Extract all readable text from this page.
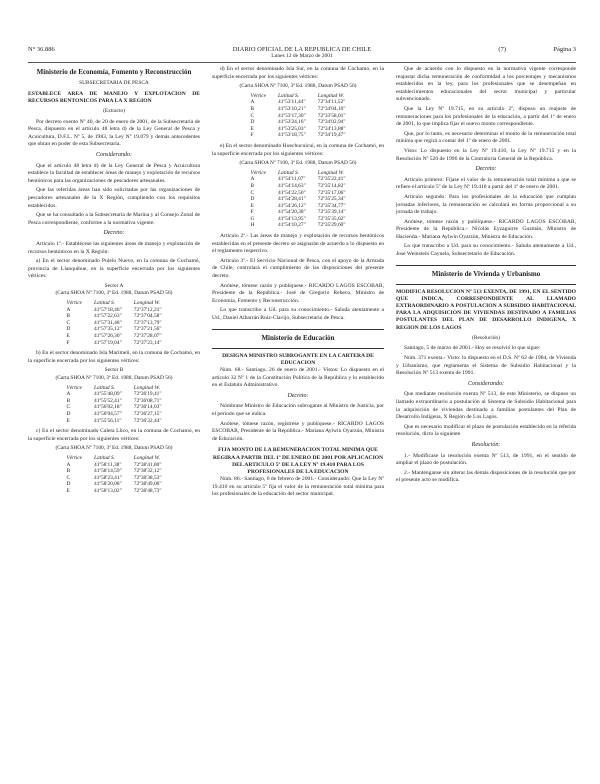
N° 36.886	DIARIO OFICIAL DE LA REPUBLICA DE CHILE
Lunes 12 de Marzo de 2001
(7)	Página 3
Ministerio de Economía, Fomento y Reconstrucción
SUBSECRETARIA DE PESCA
ESTABLECE AREA DE MANEJO Y EXPLOTACION DE RECURSOS BENTONICOS PARA LA X REGION
(Extracto)

Por decreto exento Nº 40, de 20 de enero de 2001, de la Subsecretaría de Pesca, dispuesto en el artículo 48 letra d) de la Ley General de Pesca y Acuicultura, D.F.L. Nº 5, de 1983, la Ley Nº 19.079 y demás antecedentes que obran en poder de esta Subsecretaría.

Considerando:

Que el artículo 48 letra d) de la Ley General de Pesca y Acuicultura establece la facultad de establecer áreas de manejo y explotación de recursos bentónicos para las organizaciones de pescadores artesanales.

Que las referidas áreas han sido solicitadas por las organizaciones de pescadores artesanales de la X Región, cumpliendo con los requisitos establecidos.

Que se ha consultado a la Subsecretaría de Marina y al Consejo Zonal de Pesca correspondiente, conforme a la normativa vigente.

Decreto:

Artículo 1º.- Establécese las siguientes áreas de manejo y explotación de recursos bentónicos en la X Región:

a) En el sector denominado Pulelo Nuevo, en la comuna de Cochamó, provincia de Llanquihue, en la superficie encerrada por los siguientes vértices:

Sector A
(Carta SHOA Nº 7100, 3ª Ed. 1988, Datum PSAD 56)
Vértice	Latitud S.	Longitud W.
A	41º57'18,46"	72º37'12,21"
B	41º57'22,63"	72º37'04,58"
C	41º57'31,48"	72º37'13,79"
D	41º57'35,12"	72º37'21,56"
E	41º57'26,30"	72º37'28,07"
F	41º57'19,04"	72º37'23,14"

b) En el sector denominado Isla Marimeli, en la comuna de Cochamó, en la superficie encerrada por los siguientes vértices:

Sector B
(Carta SHOA Nº 7100, 3ª Ed. 1988, Datum PSAD 56)
Vértice	Latitud S.	Longitud W.
A	41º55'48,09"	72º36'19,41"
B	41º55'52,41"	72º36'08,71"
C	41º56'02,18"	72º36'14,03"
D	41º56'04,57"	72º36'27,15"
E	41º55'56,11"	72º36'32,44"

c) En el sector denominado Caleta Llico, en la comuna de Cochamó, en la superficie encerrada por los siguientes vértices:

(Carta SHOA Nº 7100, 3ª Ed. 1988, Datum PSAD 56)
Vértice	Latitud S.	Longitud W.
A	41º58'11,38"	72º38'41,80"
B	41º58'14,59"	72º38'32,12"
C	41º58'23,41"	72º38'38,53"
D	41º58'20,08"	72º38'49,06"
E	41º58'13,02"	72º38'48,73"

d) En el sector denominado Isla Sur, en la comuna de Cochamó, en la superficie encerrada por los siguientes vértices:

(Carta SHOA Nº 7100, 3ª Ed. 1988, Datum PSAD 56)
Vértice	Latitud S.	Longitud W.
A	41º53'11,44"	72º34'11,52"
B	41º53'10,21"	72º34'04,10"
C	41º53'17,30"	72º33'58,01"
D	41º53'24,16"	72º34'02,94"
E	41º53'25,03"	72º34'13,88"
F	41º53'18,75"	72º34'19,47"

e) En el sector denominado Huechucuicui, en la comuna de Cochamó, en la superficie encerrada por los siguientes vértices:

(Carta SHOA Nº 7100, 3ª Ed. 1988, Datum PSAD 56)
Vértice	Latitud S.	Longitud W.
A	41º54'11,07"	72º35'22,41"
B	41º54'14,63"	72º35'14,82"
C	41º54'22,50"	72º35'17,06"
D	41º54'28,41"	72º35'25,34"
E	41º54'26,12"	72º35'34,77"
F	41º54'20,38"	72º35'39,14"
G	41º54'13,95"	72º35'35,02"
H	41º54'10,27"	72º35'29,60"

Artículo 2º.- Las áreas de manejo y explotación de recursos bentónicos establecidas en el presente decreto se asignarán de acuerdo a lo dispuesto en el reglamento respectivo.

Artículo 3º.- El Servicio Nacional de Pesca, con el apoyo de la Armada de Chile, controlará el cumplimiento de las disposiciones del presente decreto.

Anótese, tómese razón y publíquese.- RICARDO LAGOS ESCOBAR, Presidente de la República.- José de Gregorio Rebeco, Ministro de Economía, Fomento y Reconstrucción.

Lo que transcribo a Ud. para su conocimiento.- Saluda atentamente a Ud., Daniel Albarrán Ruiz-Clavijo, Subsecretario de Pesca.

Ministerio de Educación
DESIGNA MINISTRO SUBROGANTE EN LA CARTERA DE EDUCACION

Núm. 68.- Santiago, 26 de enero de 2001.- Vistos: Lo dispuesto en el artículo 32 Nº 1 de la Constitución Política de la República y lo establecido en el Estatuto Administrativo.

Decreto:

Nómbrase Ministro de Educación subrogante al Ministro de Justicia, por el período que se indica.

Anótese, tómese razón, regístrese y publíquese.- RICARDO LAGOS ESCOBAR, Presidente de la República.- Mariana Aylwin Oyarzún, Ministra de Educación.

FIJA MONTO DE LA REMUNERACION TOTAL MINIMA QUE REGIRA A PARTIR DEL 1º DE ENERO DE 2001 POR APLICACION DEL ARTICULO 5º DE LA LEY Nº 19.410 PARA LOS PROFESIONALES DE LA EDUCACION

Núm. 86.- Santiago, 6 de febrero de 2001.- Considerando: Que la Ley Nº 19.410 en su artículo 5º fija el valor de la remuneración total mínima para los profesionales de la educación del sector municipal.

Que de acuerdo con lo dispuesto en la normativa vigente corresponde reajustar dicha remuneración de conformidad a los porcentajes y mecanismos establecidos en la ley, para los profesionales que se desempeñan en establecimientos educacionales del sector municipal y particular subvencionado.

Que la Ley Nº 19.715, en su artículo 2º, dispuso un reajuste de remuneraciones para los profesionales de la educación, a partir del 1º de enero de 2001, lo que implica fijar el nuevo monto correspondiente.

Que, por lo tanto, es necesario determinar el monto de la remuneración total mínima que regirá a contar del 1º de enero de 2001.

Visto: Lo dispuesto en la Ley Nº 19.410, la Ley Nº 19.715 y en la Resolución Nº 520 de 1996 de la Contraloría General de la República.

Decreto:

Artículo primero: Fíjase el valor de la remuneración total mínima a que se refiere el artículo 5º de la Ley Nº 19.410 a partir del 1º de enero de 2001.

Artículo segundo: Para los profesionales de la educación que cumplan jornadas inferiores, la remuneración se calculará en forma proporcional a su jornada de trabajo.

Anótese, tómese razón y publíquese.- RICARDO LAGOS ESCOBAR, Presidente de la República.- Nicolás Eyzaguirre Guzmán, Ministro de Hacienda.- Mariana Aylwin Oyarzún, Ministra de Educación.

Lo que transcribo a Ud. para su conocimiento.- Saluda atentamente a Ud., José Weinstein Cayuela, Subsecretario de Educación.

Ministerio de Vivienda y Urbanismo
MODIFICA RESOLUCION Nº 513 EXENTA, DE 1991, EN EL SENTIDO QUE INDICA, CORRESPONDIENTE AL LLAMADO EXTRAORDINARIO A POSTULACION A SUBSIDIO HABITACIONAL PARA LA ADQUISICION DE VIVIENDAS DESTINADO A FAMILIAS POSTULANTES DEL PLAN DE DESARROLLO INDIGENA, X REGION DE LOS LAGOS
(Resolución)

Santiago, 5 de marzo de 2001.- Hoy se resolvió lo que sigue:

Núm. 371 exenta.- Visto: lo dispuesto en el D.S. Nº 62 de 1984, de Vivienda y Urbanismo, que reglamenta el Sistema de Subsidio Habitacional y la Resolución Nº 513 exenta de 1991.

Considerando:

Que mediante resolución exenta Nº 513, de este Ministerio, se dispuso un llamado extraordinario a postulación al Sistema de Subsidio Habitacional para la adquisición de viviendas destinado a familias postulantes del Plan de Desarrollo Indígena, X Región de Los Lagos.

Que es necesario modificar el plazo de postulación establecido en la referida resolución, dicto la siguiente

Resolución:

1.- Modifícase la resolución exenta Nº 513, de 1991, en el sentido de ampliar el plazo de postulación.

2.- Manténganse sin alterar las demás disposiciones de la resolución que por el presente acto se modifica.
